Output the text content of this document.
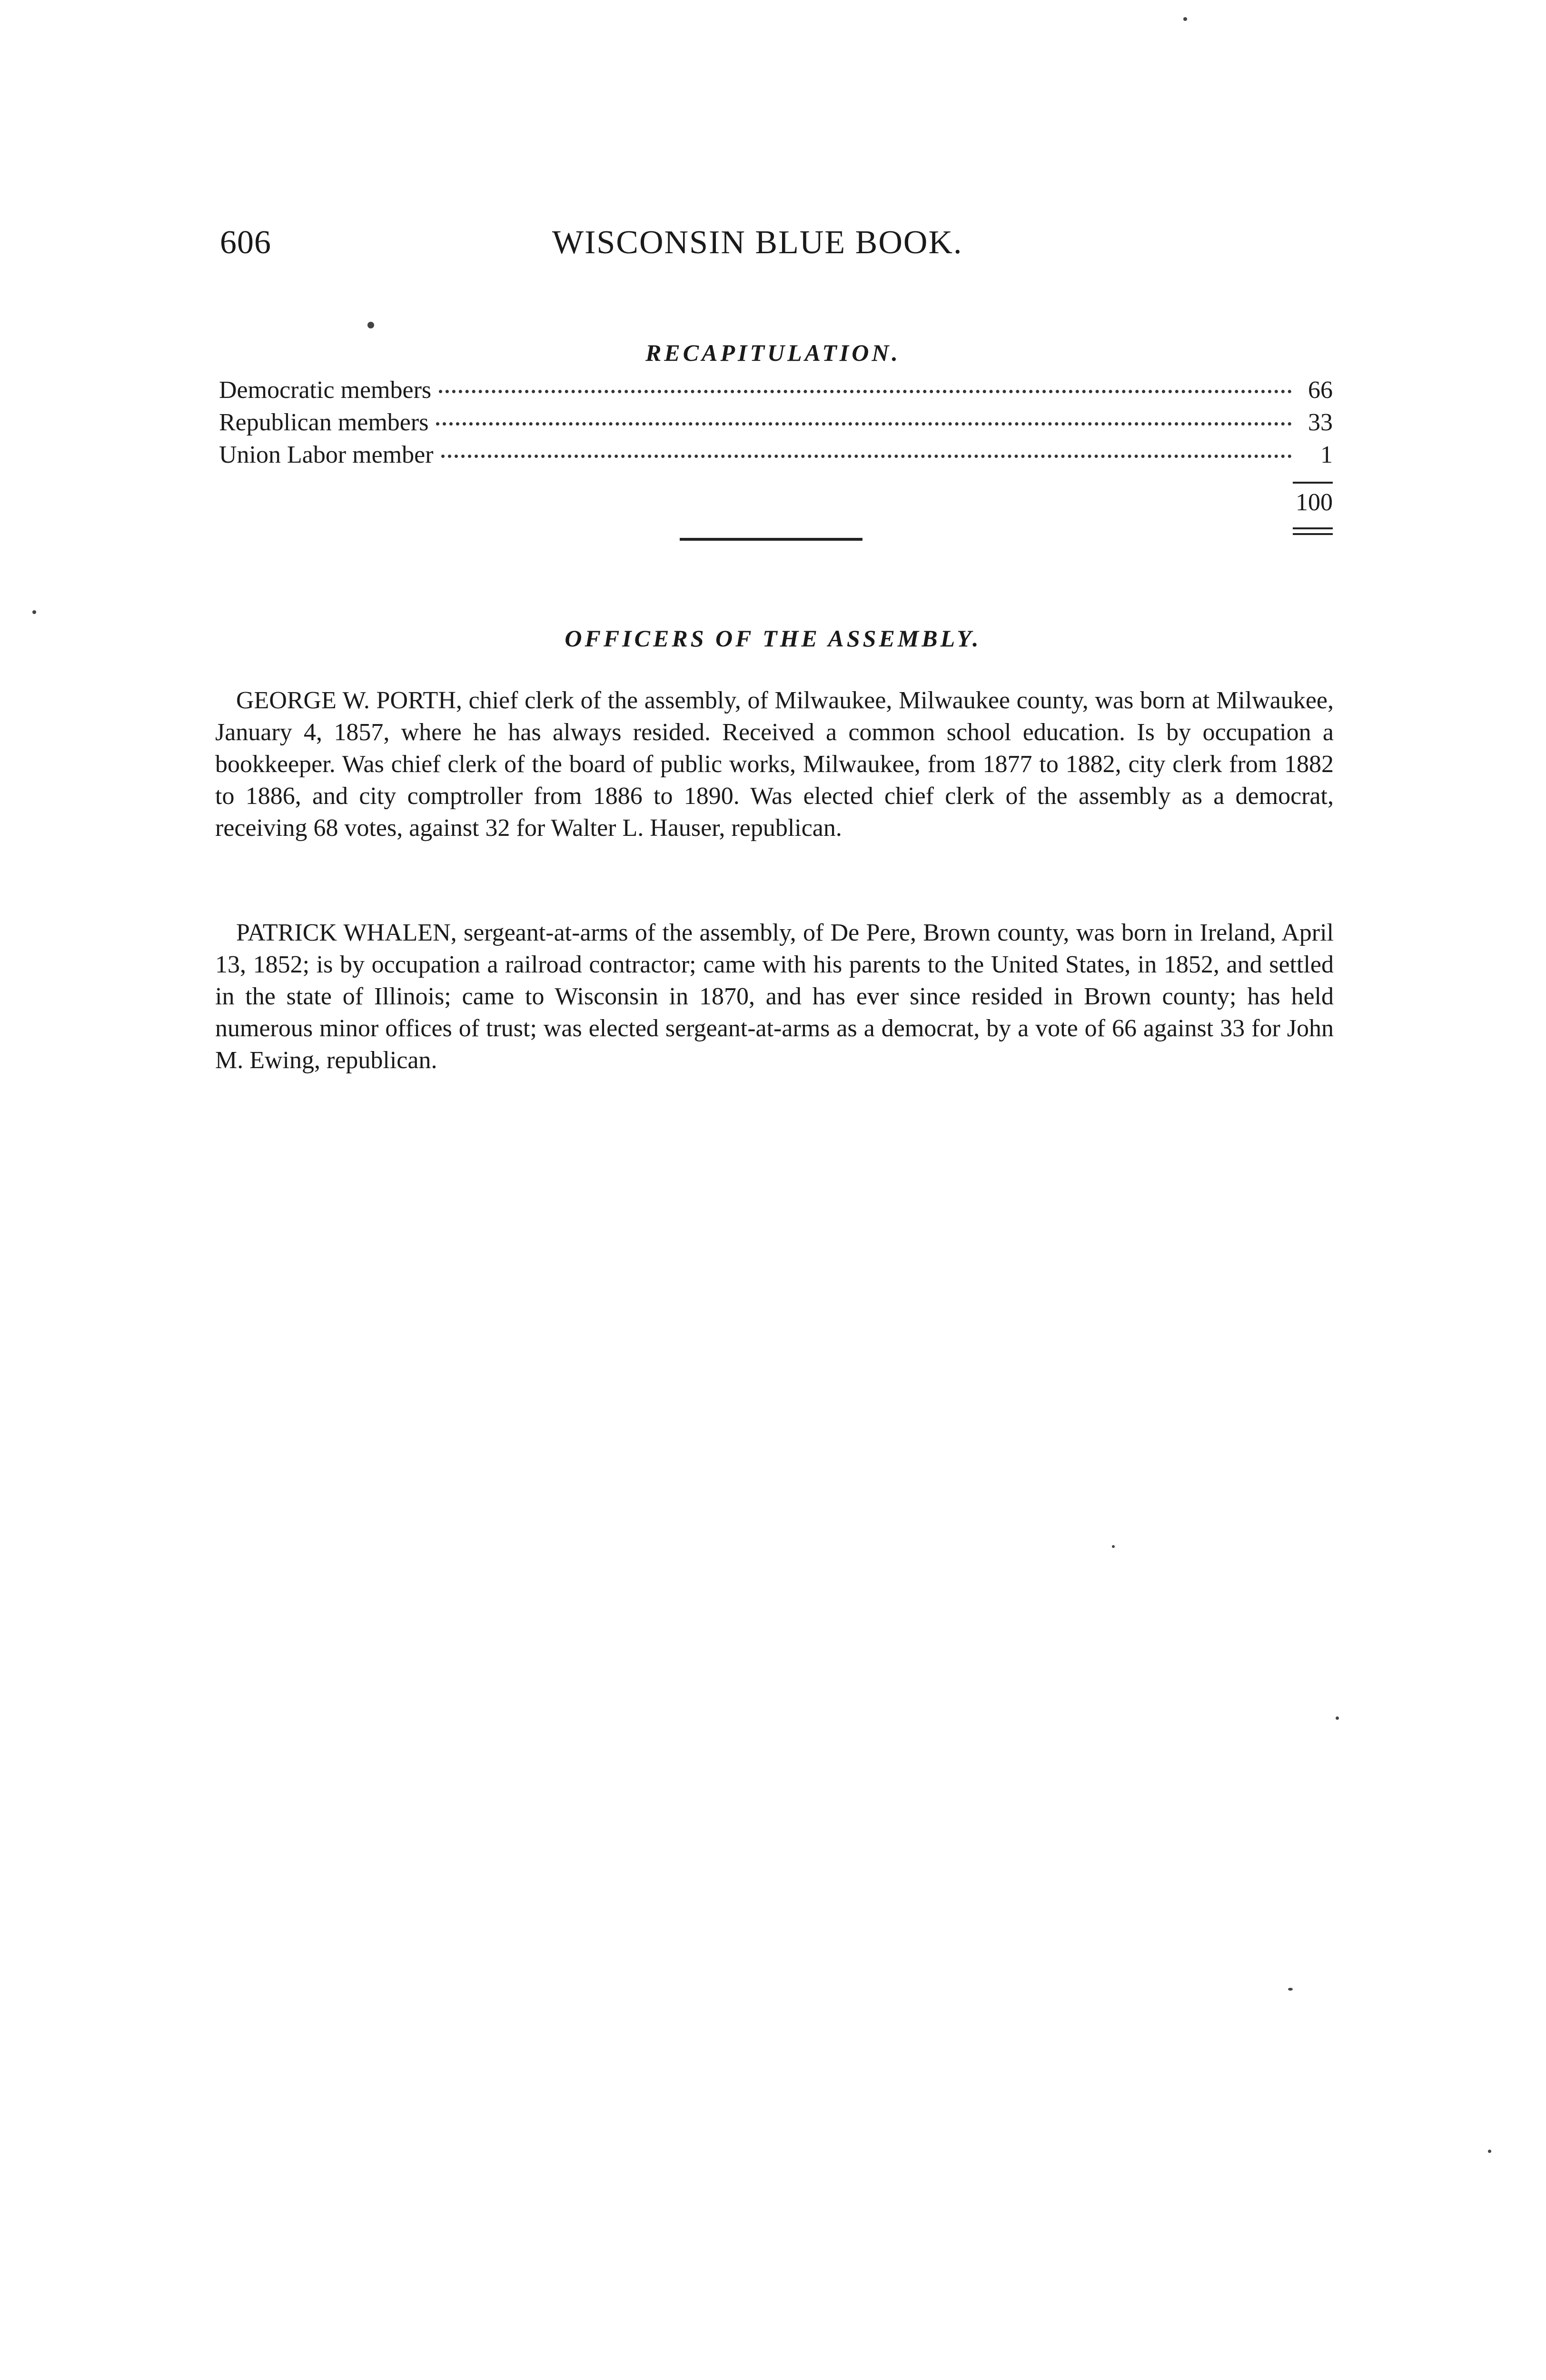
606	WISCONSIN BLUE BOOK.
RECAPITULATION.
Democratic members	66
Republican members	33
Union Labor member	1
100
OFFICERS OF THE ASSEMBLY.

GEORGE W. PORTH, chief clerk of the assembly, of Milwaukee, Milwaukee county, was born at Milwaukee, January 4, 1857, where he has always resided. Received a common school education. Is by occupation a bookkeeper. Was chief clerk of the board of public works, Milwaukee, from 1877 to 1882, city clerk from 1882 to 1886, and city comptroller from 1886 to 1890. Was elected chief clerk of the assembly as a democrat, receiving 68 votes, against 32 for Walter L. Hauser, republican.

PATRICK WHALEN, sergeant-at-arms of the assembly, of De Pere, Brown county, was born in Ireland, April 13, 1852; is by occupation a railroad contractor; came with his parents to the United States, in 1852, and settled in the state of Illinois; came to Wisconsin in 1870, and has ever since resided in Brown county; has held numerous minor offices of trust; was elected sergeant-at-arms as a democrat, by a vote of 66 against 33 for John M. Ewing, republican.
